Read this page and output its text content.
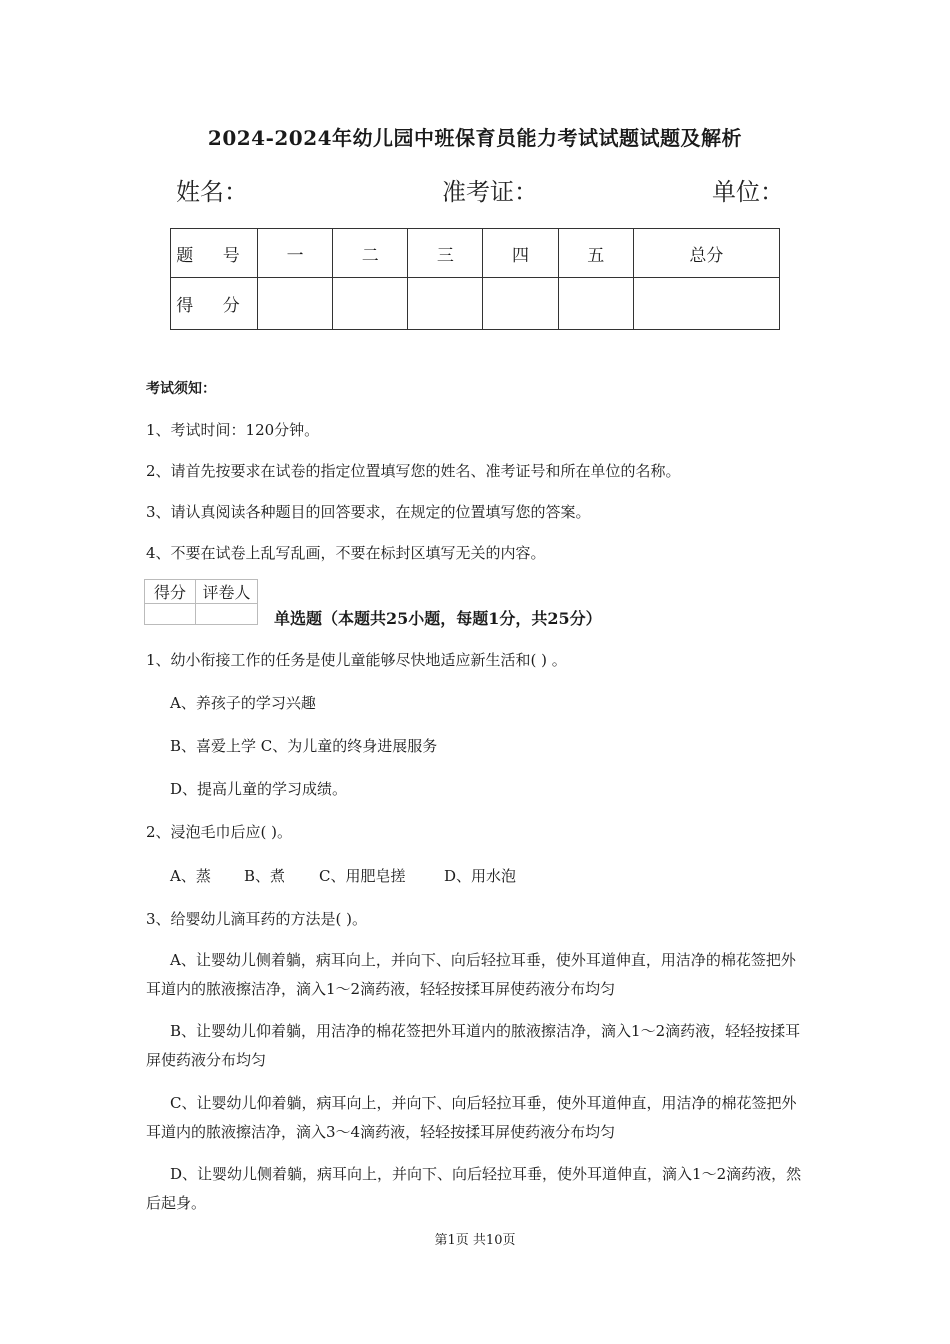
2024-2024年幼儿园中班保育员能力考试试题试题及解析
姓名：	准考证：	单位：
题 号	一	二	三	四	五	总分
得 分						
考试须知：
1、考试时间：120分钟。
2、请首先按要求在试卷的指定位置填写您的姓名、准考证号和所在单位的名称。
3、请认真阅读各种题目的回答要求，在规定的位置填写您的答案。
4、不要在试卷上乱写乱画，不要在标封区填写无关的内容。
得分	评卷人

单选题（本题共25小题，每题1分，共25分）
1、幼小衔接工作的任务是使儿童能够尽快地适应新生活和( ) 。
A、养孩子的学习兴趣
B、喜爱上学 C、为儿童的终身进展服务
D、提高儿童的学习成绩。
2、浸泡毛巾后应( )。
A、蒸 B、煮 C、用肥皂搓	D、用水泡
3、给婴幼儿滴耳药的方法是( )。
A、让婴幼儿侧着躺，病耳向上，并向下、向后轻拉耳垂，使外耳道伸直，用洁净的棉花签把外耳道内的脓液擦洁净，滴入1～2滴药液，轻轻按揉耳屏使药液分布均匀
B、让婴幼儿仰着躺，用洁净的棉花签把外耳道内的脓液擦洁净，滴入1～2滴药液，轻轻按揉耳屏使药液分布均匀
C、让婴幼儿仰着躺，病耳向上，并向下、向后轻拉耳垂，使外耳道伸直，用洁净的棉花签把外耳道内的脓液擦洁净，滴入3～4滴药液，轻轻按揉耳屏使药液分布均匀
D、让婴幼儿侧着躺，病耳向上，并向下、向后轻拉耳垂，使外耳道伸直，滴入1～2滴药液，然后起身。
第1页 共10页
